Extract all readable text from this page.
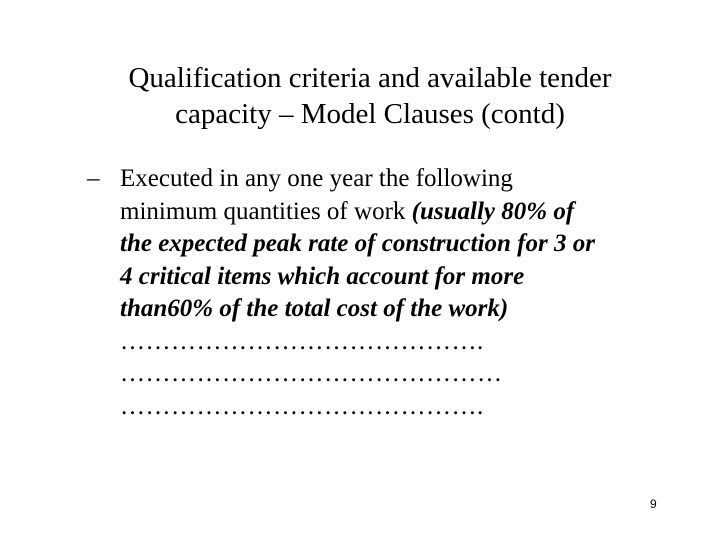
Qualification criteria and available tender
capacity – Model Clauses (contd)
– Executed in any one year the following
minimum quantities of work (usually 80% of
the expected peak rate of construction for 3 or
4 critical items which account for more
than60% of the total cost of the work)
…………………………………….
………………………………………
…………………………………….
9
